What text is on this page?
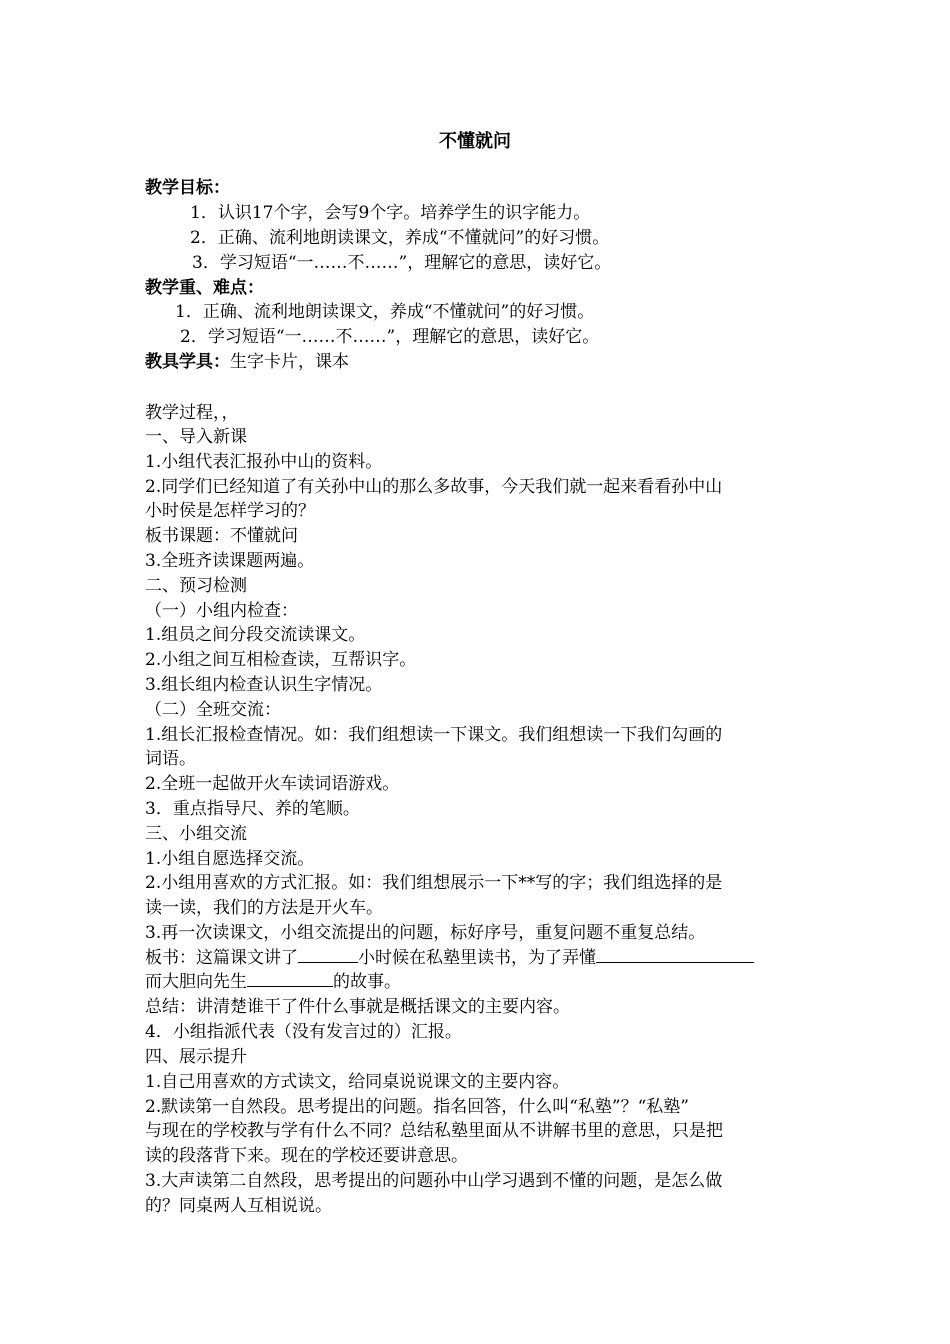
不懂就问
教学目标：
1．认识17个字，会写9个字。培养学生的识字能力。
2．正确、流利地朗读课文，养成“不懂就问”的好习惯。
3．学习短语“一……不……”，理解它的意思，读好它。
教学重、难点：
1．正确、流利地朗读课文，养成“不懂就问”的好习惯。
2．学习短语“一……不……”，理解它的意思，读好它。
教具学具：生字卡片，课本
教学过程，，
一、导入新课
1.小组代表汇报孙中山的资料。
2.同学们已经知道了有关孙中山的那么多故事，今天我们就一起来看看孙中山
小时侯是怎样学习的？
板书课题：不懂就问
3.全班齐读课题两遍。
二、预习检测
（一）小组内检查：
1.组员之间分段交流读课文。
2.小组之间互相检查读，互帮识字。
3.组长组内检查认识生字情况。
（二）全班交流：
1.组长汇报检查情况。如：我们组想读一下课文。我们组想读一下我们勾画的
词语。
2.全班一起做开火车读词语游戏。
3．重点指导尺、养的笔顺。
三、小组交流
1.小组自愿选择交流。
2.小组用喜欢的方式汇报。如：我们组想展示一下**写的字；我们组选择的是
读一读，我们的方法是开火车。
3.再一次读课文，小组交流提出的问题，标好序号，重复问题不重复总结。
板书：这篇课文讲了	小时候在私塾里读书，为了弄懂
而大胆向先生	的故事。
总结：讲清楚谁干了件什么事就是概括课文的主要内容。
4．小组指派代表（没有发言过的）汇报。
四、展示提升
1.自己用喜欢的方式读文，给同桌说说课文的主要内容。
2.默读第一自然段。思考提出的问题。指名回答，什么叫“私塾”？“私塾”
与现在的学校教与学有什么不同？总结私塾里面从不讲解书里的意思，只是把
读的段落背下来。现在的学校还要讲意思。
3.大声读第二自然段，思考提出的问题孙中山学习遇到不懂的问题，是怎么做
的？同桌两人互相说说。
